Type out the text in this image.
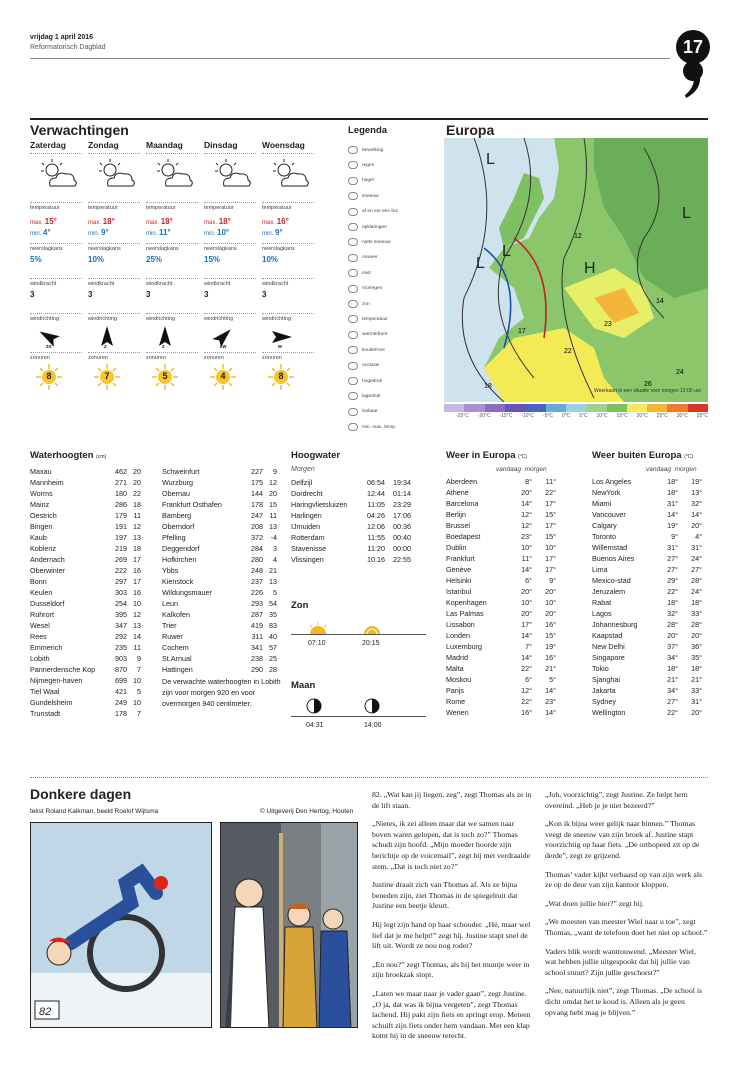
vrijdag 1 april 2016
Reformatorisch Dagblad	17
Verwachtingen
Zaterdag
temperatuur
max. 15°
min. 4°
neerslagkans
5%
windkracht
3
windrichting
zo
zonuren
8
Zondag
temperatuur
max. 18°
min. 9°
neerslagkans
10%
windkracht
3
windrichting
z
zonuren
7
Maandag
temperatuur
max. 18°
min. 11°
neerslagkans
25%
windkracht
3
windrichting
z
zonuren
5
Dinsdag
temperatuur
max. 18°
min. 10°
neerslagkans
15%
windkracht
3
windrichting
zw
zonuren
4
Woensdag
temperatuur
max. 16°
min. 9°
neerslagkans
10%
windkracht
3
windrichting
w
zonuren
8
Legenda
bewolking
regen
hagel
sneeuw
af en toe een bui
opklaringen
natte sneeuw
onweer
mist
motregen
zon
temperatuur
warmtefront
koudefront
occlusie
hogedruk
lagedruk
isobaar
min. max. temp.
Europa
L
L
L
L
H
18
22
26
23
17
12
14
24
Weerkaart in een situatie voor morgen 12:00 uur
-25°C -20°C -15°C -10°C -5°C 0°C 5°C 10°C 15°C 20°C 25°C 30°C 35°C
Waterhoogten (cm)
Maxau	462 20
Mannheim	271 20
Worms	180 22
Mainz	286 18
Oestrich	179 11
Bingen	191 12
Kaub	197 13
Koblenz	219 18
Andernach	269 17
Oberwinter	222 16
Bonn	297 17
Keulen	303 16
Dusseldorf	254 10
Ruhrort	395 12
Wesel	347 13
Rees	292 14
Emmerich	235 11
Lobith	903	9
Pannerdensche Kop	870	7
Nijmegen-haven	699 10
Tiel Waal	421	5
Gundelsheim	249 10
Trunstadt	178	7
Schweinfurt	227	9
Wurzburg	175 12
Obernau	144 20
Frankfurt Osthafen	178 15
Bamberg	247 11
Oberndorf	208 13
Pfelling	372	-4
Deggendorf	284	3
Hofkirchen	280	4
Ybbs	248 21
Kienstock	237 13
Wildungsmauer	226	5
Leun	293 54
Kalkofen	287 35
Trier	419 83
Ruwer	311 40
Cochem	341 57
St.Arnual	238 25
Hattingen	290 28
De verwachte waterhoogten in Lobith zijn voor morgen 920 en voor overmorgen 940 centimeter.
Hoogwater
Morgen
Delfzijl	06:54	19:34
Dordrecht	12:44	01:14
Haringvlietsluizen	11:05	23:29
Harlingen	04:26	17:06
IJmuiden	12:06	00:36
Rotterdam	11:55	00:40
Stavenisse	11:20	00:00
Vlissingen	10:16	22:55
Zon
07:10	20:15
Maan
04:31	14:00
Weer in Europa (°C)
vandaag morgen
Aberdeen	8°	11°
Athene	20°	22°
Barcelona	14°	17°
Berlijn	12°	15°
Brussel	12°	17°
Boedapest	23°	15°
Dublin	10°	10°
Frankfurt	11°	17°
Genève	14°	17°
Helsinki	6°	9°
Istanbul	20°	20°
Kopenhagen	10°	10°
Las Palmas	20°	20°
Lissabon	17°	16°
Londen	14°	15°
Luxemburg	7°	19°
Madrid	14°	16°
Malta	22°	21°
Moskou	6°	5°
Parijs	12°	14°
Rome	22°	23°
Wenen	16°	14°
Weer buiten Europa (°C)
vandaag morgen
Los Angeles	18°	19°
NewYork	18°	13°
Miami	31°	32°
Vancouver	14°	14°
Calgary	19°	20°
Toronto	9°	4°
Willemstad	31°	31°
Buenos Aires	27°	24°
Lima	27°	27°
Mexico-stad	29°	28°
Jeruzalem	22°	24°
Rabat	18°	18°
Lagos	32°	33°
Johannesburg	28°	28°
Kaapstad	20°	20°
New Delhi	37°	36°
Singapore	34°	35°
Tokio	18°	18°
Sjanghai	21°	21°
Jakarta	34°	33°
Sydney	27°	31°
Wellington	22°	20°
Donkere dagen
tekst Roland Kalkman, beeld Roelof Wijtsma	© Uitgeverij Den Hertog, Houten
82

82. „Wat kan jij liegen, zeg”, zegt Thomas als ze in de lift staan.

„Nietes, ik zei alleen maar dat we samen naar boven waren gelopen, dat is toch zo?” Thomas schudt zijn hoofd. „Mijn moeder hoorde zijn berichtje op de voicemail”, zegt hij met verdraaide stem. „Dat is toch niet zo?”

Justine draait zich van Thomas af. Als ze bijna beneden zijn, ziet Thomas in de spiegelruit dat Justine een beetje kleurt.

Hij legt zijn hand op haar schouder. „Hé, maar wel lief dat je me helpt!” zegt hij. Justine stapt snel de lift uit. Wordt ze nou nog roder?

„En nou?” zegt Thomas, als hij het muntje weer in zijn broekzak stopt.

„Laten we maar naar je vader gaan”, zegt Justine. „O ja, dat was ik bijna vergeten”, zegt Thomas lachend. Hij pakt zijn fiets en springt erop. Meteen schuift zijn fiets onder hem vandaan. Met een klap komt hij in de sneeuw terecht.

„Joh, voorzichtig”, zegt Justine. Ze helpt hem overeind. „Heb je je niet bezeerd?”

„Kon ik bijna weer gelijk naar binnen.” Thomas veegt de sneeuw van zijn broek af. Justine stapt voorzichtig op haar fiets. „De orthopeed zit op de derde”, zegt ze grijzend.

Thomas’ vader kijkt verbaasd op van zijn werk als ze op de deur van zijn kantoor kloppen.

„Wat doen jullie hier?” zegt hij.

„We moesten van meester Wiel naar u toe”, zegt Thomas, „want de telefoon doet het niet op school.”

Vaders blik wordt wantrouwend. „Meester Wiel, wat hebben jullie uitgespookt dat hij jullie van school stuurt? Zijn jullie geschorst?”

„Nee, natuurlijk niet”, zegt Thomas. „De school is dicht omdat het te koud is. Alleen als je geen opvang hebt mag je blijven.”
